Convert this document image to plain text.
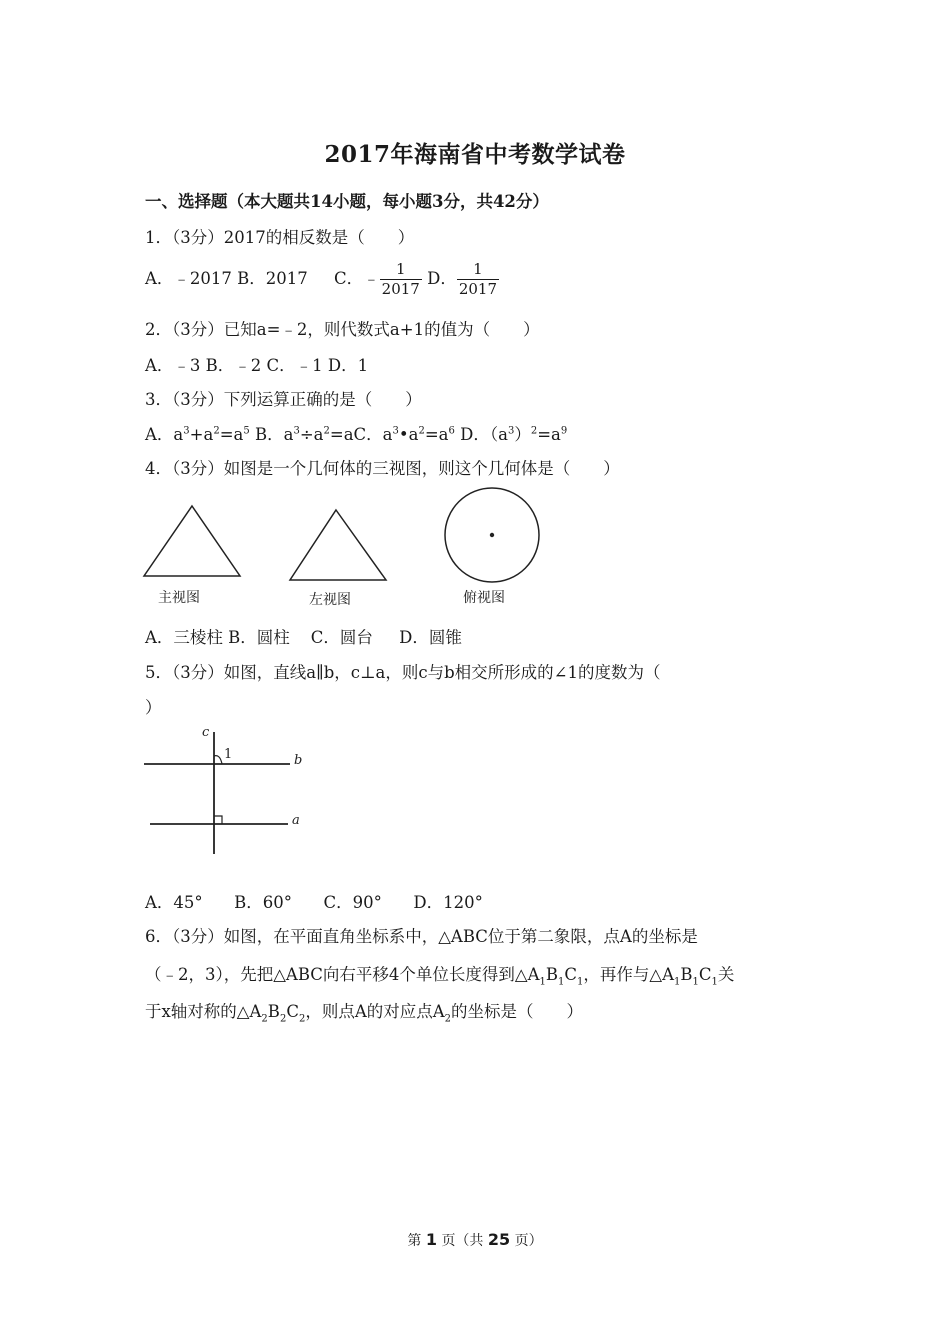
2017年海南省中考数学试卷
一、选择题（本大题共14小题，每小题3分，共42分）
1．（3分）2017的相反数是（　　）
A．﹣2017 B．2017 C．﹣ $\frac{1}{2017}$ D． $\frac{1}{2017}$
2．（3分）已知a=﹣2，则代数式a+1的值为（　　）
A．﹣3 B．﹣2 C．﹣1 D．1
3．（3分）下列运算正确的是（　　）
A．$a^3+a^2=a^5$ B．$a^3\div a^2=aC$．$a^3•a^2=a^6$ D．$(a^3)^2=a^9$
4．（3分）如图是一个几何体的三视图，则这个几何体是（　　）
主视图	左视图	俯视图
A．三棱柱 B．圆柱 C．圆台 D．圆锥
5．（3分）如图，直线a∥b，c⊥a，则c与b相交所形成的∠1的度数为（
）
c
1	b
a
A．45° B．60° C．90° D．120°
6．（3分）如图，在平面直角坐标系中，△ABC位于第二象限，点A的坐标是
（﹣2，3），先把△ABC向右平移4个单位长度得到$\triangle A_1B_1C_1$，再作与$\triangle A_1B_1C_1$关
于x轴对称的$\triangle A_2B_2C_2$，则点A的对应点$A_2$的坐标是（　　）
第 1 页（共 25 页）
